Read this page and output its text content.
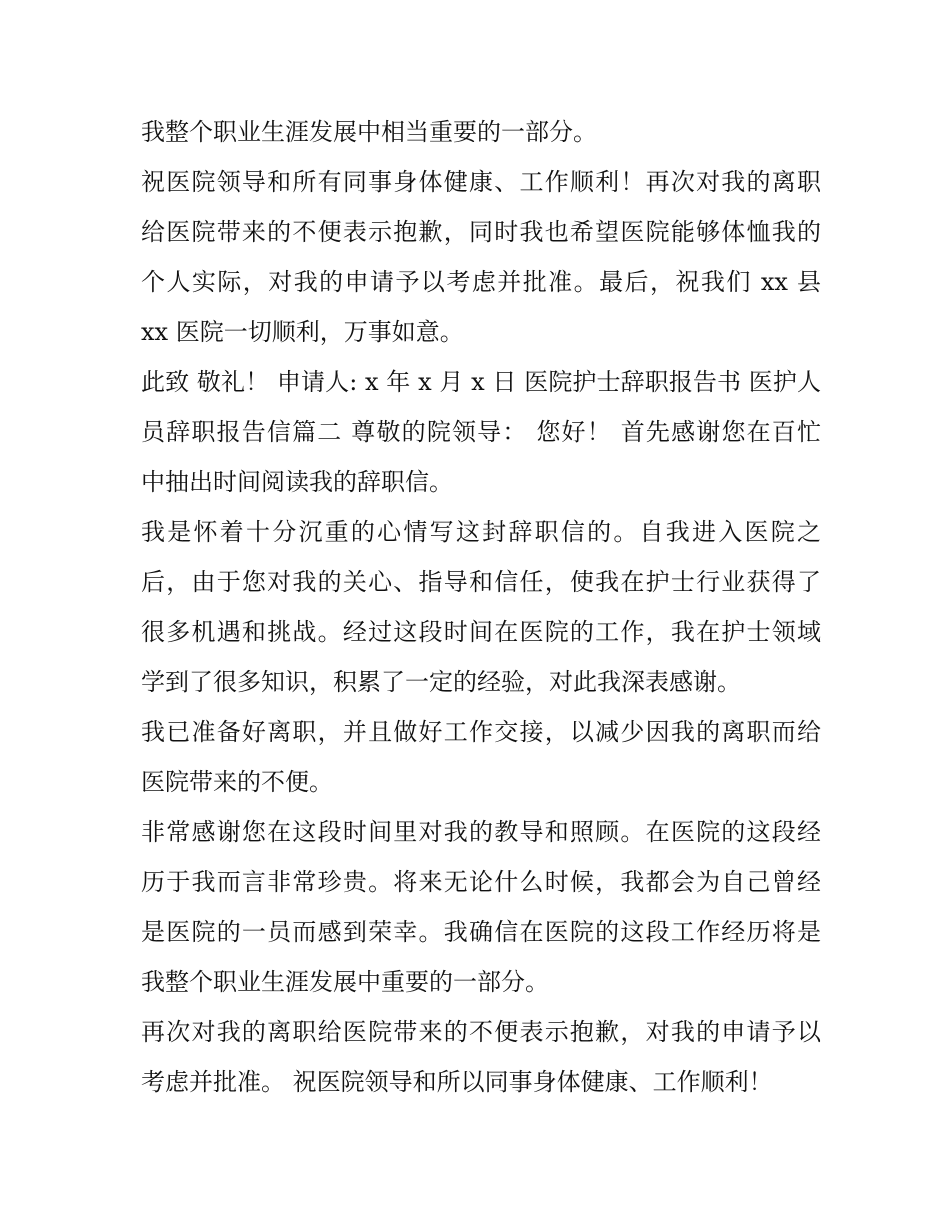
我整个职业生涯发展中相当重要的一部分。
祝医院领导和所有同事身体健康、工作顺利！再次对我的离职
给医院带来的不便表示抱歉，同时我也希望医院能够体恤我的
个人实际，对我的申请予以考虑并批准。最后，祝我们 xx 县
xx 医院一切顺利，万事如意。
此致 敬礼！ 申请人: x 年 x 月 x 日 医院护士辞职报告书 医护人
员辞职报告信篇二 尊敬的院领导： 您好！ 首先感谢您在百忙
中抽出时间阅读我的辞职信。
我是怀着十分沉重的心情写这封辞职信的。自我进入医院之
后，由于您对我的关心、指导和信任，使我在护士行业获得了
很多机遇和挑战。经过这段时间在医院的工作，我在护士领域
学到了很多知识，积累了一定的经验，对此我深表感谢。
我已准备好离职，并且做好工作交接，以减少因我的离职而给
医院带来的不便。
非常感谢您在这段时间里对我的教导和照顾。在医院的这段经
历于我而言非常珍贵。将来无论什么时候，我都会为自己曾经
是医院的一员而感到荣幸。我确信在医院的这段工作经历将是
我整个职业生涯发展中重要的一部分。
再次对我的离职给医院带来的不便表示抱歉，对我的申请予以
考虑并批准。 祝医院领导和所以同事身体健康、工作顺利！
